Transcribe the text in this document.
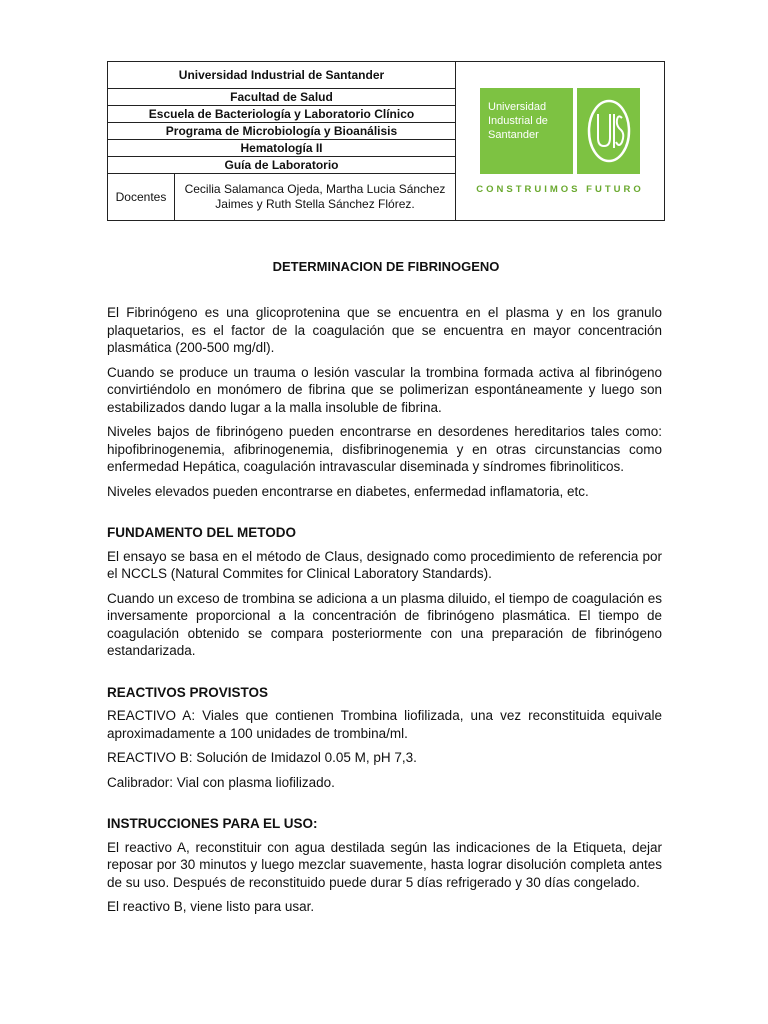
Universidad Industrial de Santander
Facultad de Salud
Escuela de Bacteriología y Laboratorio Clínico
Programa de Microbiología y Bioanálisis
Hematología II
Guía de Laboratorio
Docentes
Cecilia Salamanca Ojeda, Martha Lucia Sánchez Jaimes y Ruth Stella Sánchez Flórez.
Universidad Industrial de Santander
CONSTRUIMOS FUTURO
DETERMINACION DE FIBRINOGENO

El Fibrinógeno es una glicoprotenina que se encuentra en el plasma y en los granulo plaquetarios, es el factor de la coagulación que se encuentra en mayor concentración plasmática (200-500 mg/dl).

Cuando se produce un trauma o lesión vascular la trombina formada activa al fibrinógeno convirtiéndolo en monómero de fibrina que se polimerizan espontáneamente y luego son estabilizados dando lugar a la malla insoluble de fibrina.

Niveles bajos de fibrinógeno pueden encontrarse en desordenes hereditarios tales como: hipofibrinogenemia, afibrinogenemia, disfibrinogenemia y en otras circunstancias como enfermedad Hepática, coagulación intravascular diseminada y síndromes fibrinoliticos.

Niveles elevados pueden encontrarse en diabetes, enfermedad inflamatoria, etc.

FUNDAMENTO DEL METODO

El ensayo se basa en el método de Claus, designado como procedimiento de referencia por el NCCLS (Natural Commites for Clinical Laboratory Standards).

Cuando un exceso de trombina se adiciona a un plasma diluido, el tiempo de coagulación es inversamente proporcional a la concentración de fibrinógeno plasmática. El tiempo de coagulación obtenido se compara posteriormente con una preparación de fibrinógeno estandarizada.

REACTIVOS PROVISTOS

REACTIVO A: Viales que contienen Trombina liofilizada, una vez reconstituida equivale aproximadamente a 100 unidades de trombina/ml.

REACTIVO B: Solución de Imidazol 0.05 M, pH 7,3.

Calibrador: Vial con plasma liofilizado.

INSTRUCCIONES PARA EL USO:

El reactivo A, reconstituir con agua destilada según las indicaciones de la Etiqueta, dejar reposar por 30 minutos y luego mezclar suavemente, hasta lograr disolución completa antes de su uso. Después de reconstituido puede durar 5 días refrigerado y 30 días congelado.

El reactivo B, viene listo para usar.
